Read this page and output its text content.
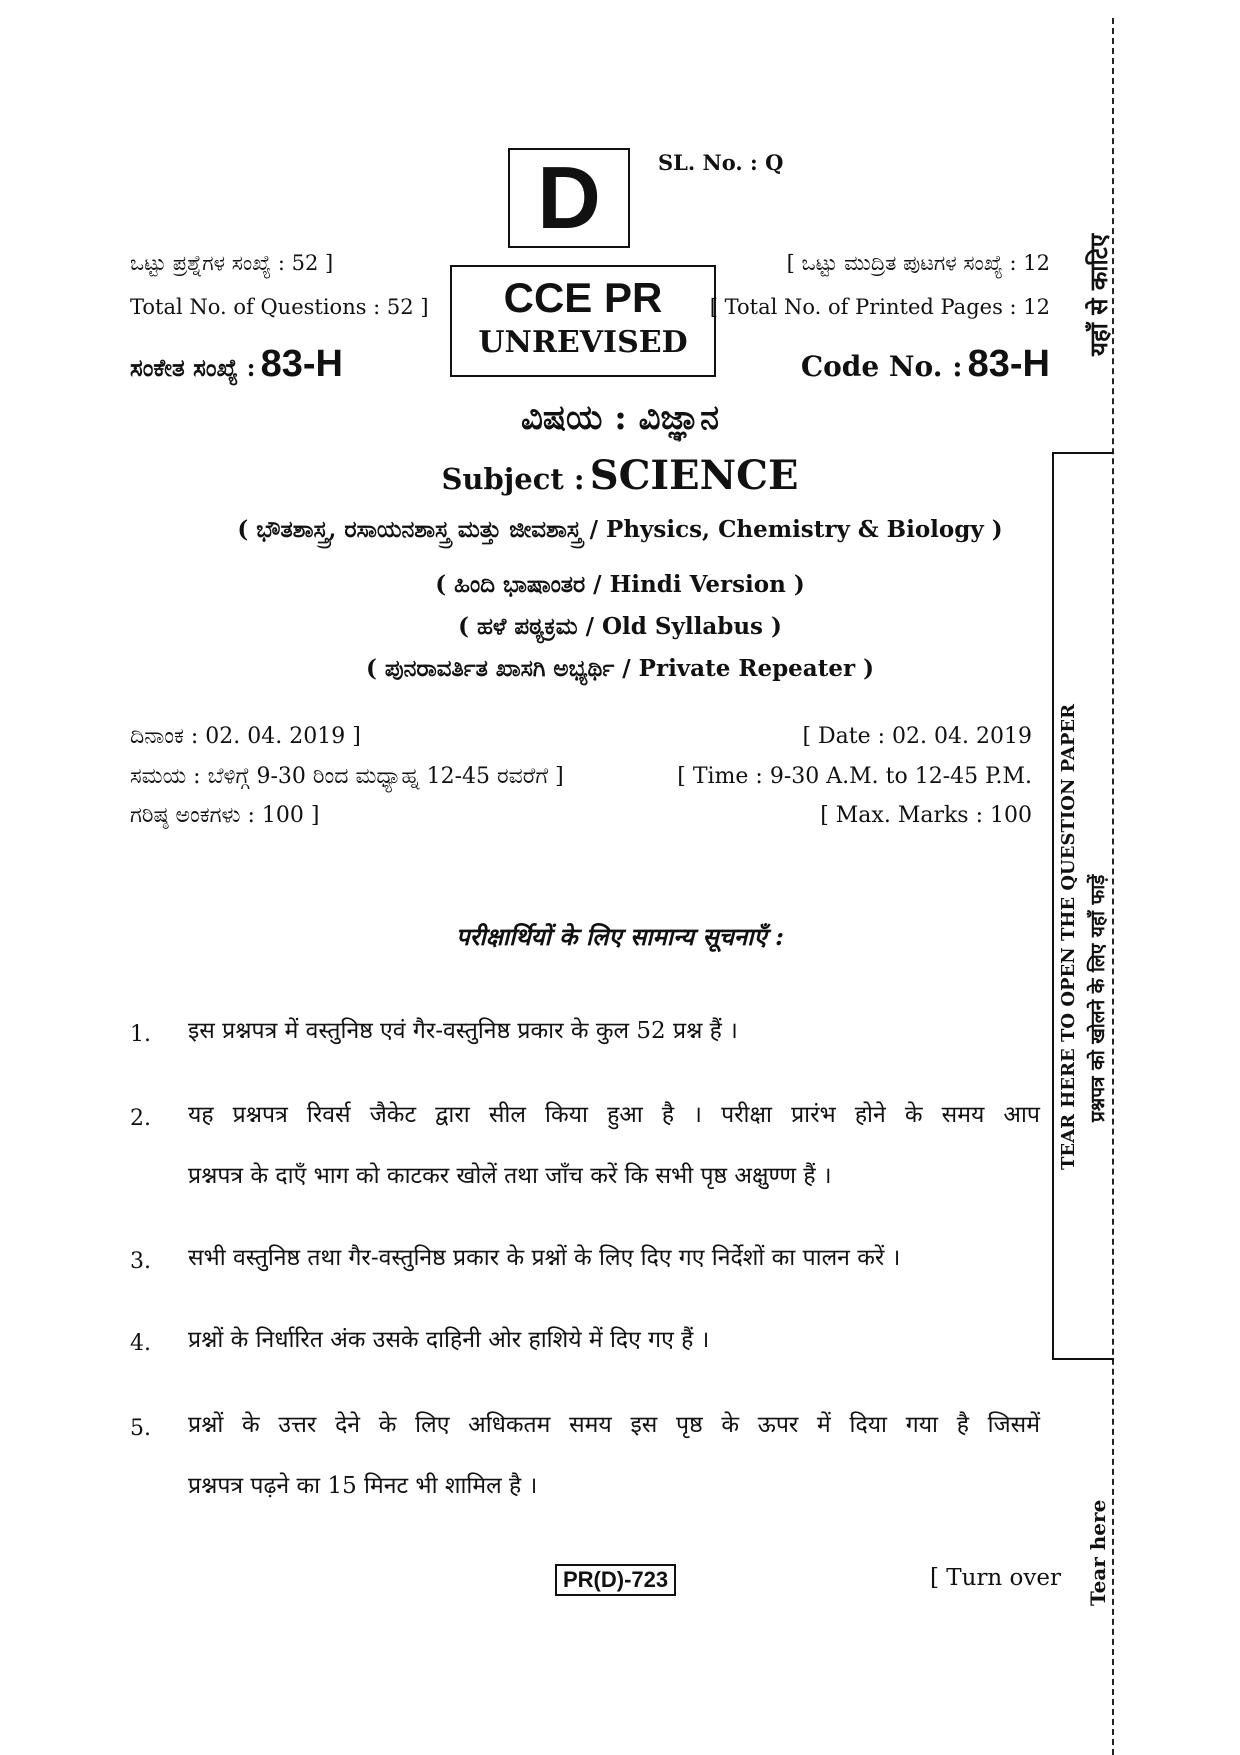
D	SL. No. : Q
ಒಟ್ಟು ಪ್ರಶ್ನೆಗಳ ಸಂಖ್ಯೆ : 52 ]
Total No. of Questions : 52 ]
ಸಂಕೇತ ಸಂಖ್ಯೆ : 83-H
CCE PR
UNREVISED
[ ಒಟ್ಟು ಮುದ್ರಿತ ಪುಟಗಳ ಸಂಖ್ಯೆ : 12
[ Total No. of Printed Pages : 12
Code No. : 83-H
ವಿಷಯ : ವಿಜ್ಞಾನ
Subject : SCIENCE
( ಭೌತಶಾಸ್ತ್ರ, ರಸಾಯನಶಾಸ್ತ್ರ ಮತ್ತು ಜೀವಶಾಸ್ತ್ರ / Physics, Chemistry & Biology )
( ಹಿಂದಿ ಭಾಷಾಂತರ / Hindi Version )
( ಹಳೆ ಪಠ್ಯಕ್ರಮ / Old Syllabus )
( ಪುನರಾವರ್ತಿತ ಖಾಸಗಿ ಅಭ್ಯರ್ಥಿ / Private Repeater )
ದಿನಾಂಕ : 02. 04. 2019 ]	[ Date : 02. 04. 2019
ಸಮಯ : ಬೆಳಿಗ್ಗೆ 9-30 ರಿಂದ ಮಧ್ಯಾಹ್ನ 12-45 ರವರೆಗೆ ]	[ Time : 9-30 A.M. to 12-45 P.M.
ಗರಿಷ್ಠ ಅಂಕಗಳು : 100 ]	[ Max. Marks : 100
परीक्षार्थियों के लिए सामान्य सूचनाएँ :
1. इस प्रश्नपत्र में वस्तुनिष्ठ एवं गैर-वस्तुनिष्ठ प्रकार के कुल 52 प्रश्न हैं ।
2. यह प्रश्नपत्र रिवर्स जैकेट द्वारा सील किया हुआ है । परीक्षा प्रारंभ होने के समय आप
प्रश्नपत्र के दाएँ भाग को काटकर खोलें तथा जाँच करें कि सभी पृष्ठ अक्षुण्ण हैं ।
3. सभी वस्तुनिष्ठ तथा गैर-वस्तुनिष्ठ प्रकार के प्रश्नों के लिए दिए गए निर्देशों का पालन करें ।
4. प्रश्नों के निर्धारित अंक उसके दाहिनी ओर हाशिये में दिए गए हैं ।
5. प्रश्नों के उत्तर देने के लिए अधिकतम समय इस पृष्ठ के ऊपर में दिया गया है जिसमें
प्रश्नपत्र पढ़ने का 15 मिनट भी शामिल है ।
PR(D)-723	[ Turn over
यहाँ से काटिए
TEAR HERE TO OPEN THE QUESTION PAPER प्रश्नपत्र को खोलने के लिए यहाँ फाड़ें
Tear here
